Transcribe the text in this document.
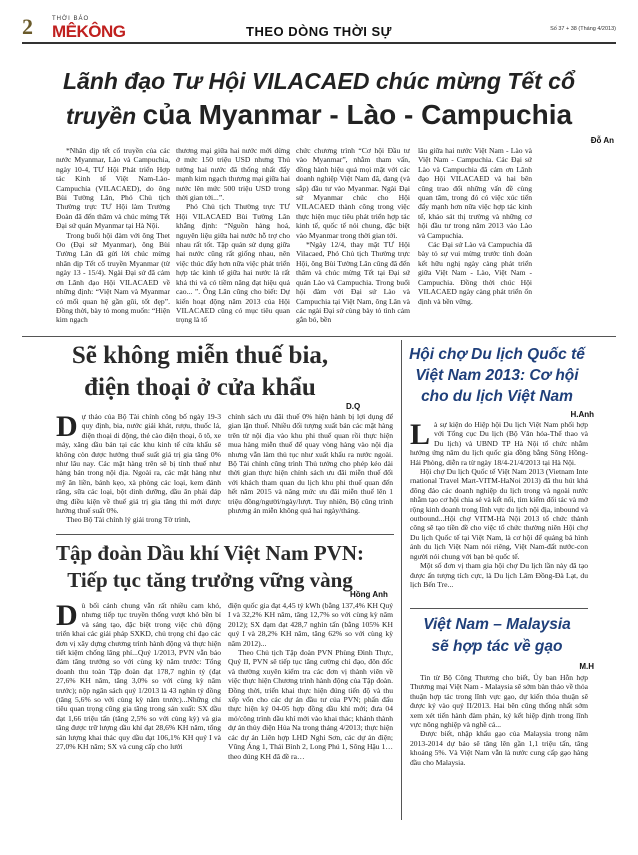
2	THỜI BÁO
MÊKÔNG	THEO DÒNG THỜI SỰ	Số 37 + 38 (Tháng 4/2013)
Lãnh đạo Tư Hội VILACAED chúc mừng Tết cổ
truyền của Myanmar - Lào - Campuchia
Đỗ An

*Nhân dịp tết cổ truyền của các nước Myanmar, Lào và Campuchia, ngày 10-4, TƯ Hội Phát triển Hợp tác Kinh tế Việt Nam-Lào-Campuchia (VILACAED), do ông Bùi Tường Lân, Phó Chủ tịch Thường trực TƯ Hội làm Trưởng Đoàn đã đến thăm và chúc mừng Tết Đại sứ quán Myanmar tại Hà Nội.

Trong buổi hội đàm với ông Thet Oo (Đại sứ Myanmar), ông Bùi Tường Lân đã gửi lời chúc mừng nhân dịp Tết cổ truyền Myanmar (từ ngày 13 - 15/4). Ngài Đại sứ đã cảm ơn Lãnh đạo Hội VILACAED về những định: “Việt Nam và Myanmar có mối quan hệ gần gũi, tốt đẹp”. Đồng thời, bày tỏ mong muốn: “Hiện kim ngạch

thương mại giữa hai nước mới dừng ở mức 150 triệu USD nhưng Thủ tướng hai nước đã thống nhất đẩy mạnh kim ngạch thương mại giữa hai nước lên mức 500 triệu USD trong thời gian tới...”.

Phó Chủ tịch Thường trực TƯ Hội VILACAED Bùi Tường Lân khẳng định: “Nguồn hàng hoá, nguyên liệu giữa hai nước hỗ trợ cho nhau rất tốt. Tập quán sử dụng giữa hai nước cũng rất giống nhau, nên việc thúc đẩy hơn nữa việc phát triển hợp tác kinh tế giữa hai nước là rất khả thi và có tiềm năng đạt hiệu quả cao... ”. Ông Lân cũng cho biết: Dự kiến hoạt động năm 2013 của Hội VILACAED cũng có mục tiêu quan trọng là tổ

chức chương trình “Cơ hội Đầu tư vào Myanmar”, nhằm tham vấn, đồng hành hiệu quả mọi mặt với các doanh nghiệp Việt Nam đã, đang (và sắp) đầu tư vào Myanmar. Ngài Đại sứ Myanmar chúc cho Hội VILACAED thành công trong việc thực hiện mục tiêu phát triển hợp tác kinh tế, quốc tế nói chung, đặc biệt vào Myanmar trong thời gian tới.

*Ngày 12/4, thay mặt TƯ Hội Vilacaed, Phó Chủ tịch Thường trực Hội, ông Bùi Tường Lân cũng đã đến thăm và chúc mừng Tết tại Đại sứ quán Lào và Campuchia. Trong buổi hội đàm với Đại sứ Lào và Campuchia tại Việt Nam, ông Lân và các ngài Đại sứ cùng bày tỏ tình cảm gắn bó, bền

lâu giữa hai nước Việt Nam - Lào và Việt Nam - Campuchia. Các Đại sứ Lào và Campuchia đã cảm ơn Lãnh đạo Hội VILACAED và hai bên cũng trao đổi những vấn đề cùng quan tâm, trong đó có việc xúc tiến đẩy mạnh hơn nữa việc hợp tác kinh tế, khảo sát thị trường và những cơ hội đầu tư trong năm 2013 vào Lào và Campuchia.

Các Đại sứ Lào và Campuchia đã bày tỏ sự vui mừng trước tình đoàn kết hữu nghị ngày càng phát triển giữa Việt Nam - Lào, Việt Nam - Campuchia. Đồng thời chúc Hội VILACAED ngày càng phát triển ổn định và bền vững.

Sẽ không miễn thuế bia,
điện thoại ở cửa khẩu
D.Q
D ự thảo của Bộ Tài chính công bố ngày 19-3 quy định, bia, nước giải khát, rượu, thuốc lá, điện thoại di động, thẻ cào điện thoại, ô tô, xe máy, xăng dầu bán tại các khu kinh tế cửa khẩu sẽ không còn được hưởng thuế suất giá trị gia tăng 0% như lâu nay. Các mặt hàng trên sẽ bị tính thuế như hàng bán trong nội địa. Ngoài ra, các mặt hàng như mỹ ăn liền, bánh kẹo, xà phòng các loại, kem đánh răng, sữa các loại, bột dinh dưỡng, dầu ăn phải đáp ứng điều kiện về thuế giá trị gia tăng thì mới được hưởng thuế suất 0%.

Theo Bộ Tài chính lý giải trong Tờ trình,

chính sách ưu đãi thuế 0% hiện hành bị lợi dụng để gian lận thuế. Nhiều đối tượng xuất bán các mặt hàng trên từ nội địa vào khu phi thuế quan rồi thực hiện mua hàng miễn thuế để quay vòng hàng vào nội địa nhưng vẫn làm thủ tục như xuất khẩu ra nước ngoài. Bộ Tài chính cũng trình Thủ tướng cho phép kéo dài thời gian thực hiện chính sách ưu đãi miễn thuế đối với khách tham quan du lịch khu phi thuế quan đến hết năm 2015 và nâng mức ưu đãi miễn thuế lên 1 triệu đồng/người/ngày/lượt. Tuy nhiên, Bộ cũng trình phương án miễn không quá hai ngày/tháng.

Tập đoàn Dầu khí Việt Nam PVN:
Tiếp tục tăng trưởng vững vàng
Hồng Anh
D ù bối cảnh chung vẫn rất nhiều cam khó, nhưng tiếp tục truyền thống vượt khó bền bỉ và sáng tạo, đặc biệt trong việc chủ động triển khai các giải pháp SXKD, chủ trọng chỉ đạo các đơn vị xây dựng chương trình hành động và thực hiện tiết kiệm chống lãng phí...Quý 1/2013, PVN vẫn bảo đảm tăng trưởng so với cùng kỳ năm trước: Tổng doanh thu toàn Tập đoàn đạt 178,7 nghìn tỷ (đạt 27,6% KH năm, tăng 3,0% so với cùng kỳ năm trước); nộp ngân sách quý 1/2013 là 43 nghìn tỷ đồng (tăng 5,6% so với cùng kỳ năm trước)...Những chỉ tiêu quan trọng cũng gia tăng trong sản xuất: SX dầu đạt 1,66 triệu tấn (tăng 2,5% so với cùng kỳ) và gia tăng được trữ lượng dầu khí đạt 28,6% KH năm, tổng sản lượng khai thác quy dầu đạt 106,1% KH quý I và 27,0% KH năm; SX và cung cấp cho lưới

điện quốc gia đạt 4,45 tỷ kWh (bằng 137,4% KH Quý I và 32,2% KH năm, tăng 12,7% so với cùng kỳ năm 2012); SX đạm đạt 428,7 nghìn tấn (bằng 105% KH quý I và 28,2% KH năm, tăng 62% so với cùng kỳ năm 2012)...

Theo Chủ tịch Tập đoàn PVN Phùng Đình Thực, Quý II, PVN sẽ tiếp tục tăng cường chỉ đạo, đôn đốc và thường xuyên kiểm tra các đơn vị thành viên về việc thực hiện Chương trình hành động của Tập đoàn. Đồng thời, triển khai thực hiện đúng tiến độ và thu xếp vốn cho các dự án đầu tư của PVN; phấn đấu thực hiện ký 04-05 hợp đồng dầu khí mới; đưa 04 mỏ/công trình dầu khí mới vào khai thác; khánh thành dự án thủy điện Hủa Na trong tháng 4/2013; thực hiện các dự án Liên hợp LHD Nghi Sơn, các dự án điện; Vũng Áng 1, Thái Bình 2, Long Phú 1, Sông Hậu 1…theo đúng KH đã đề ra…

Hội chợ Du lịch Quốc tế
Việt Nam 2013: Cơ hội
cho du lịch Việt Nam
H.Anh
L à sự kiện do Hiệp hội Du lịch Việt Nam phối hợp với Tổng cục Du lịch (Bộ Văn hóa-Thể thao và Du lịch) và UBND TP Hà Nội tổ chức nhằm hướng ứng năm du lịch quốc gia đồng bằng Sông Hồng-Hải Phòng, diễn ra từ ngày 18/4-21/4/2013 tại Hà Nội.

Hội chợ Du lịch Quốc tế Việt Nam 2013 (Vietnam Inte rnational Travel Mart-VITM-HaNoi 2013) đã thu hút khá đông đảo các doanh nghiệp du lịch trong và ngoài nước nhằm tạo cơ hội chia sẻ và kết nối, tìm kiếm đối tác và mở rộng kinh doanh trong lĩnh vực du lịch nội địa, inbound và outbound...Hội chợ VITM-Hà Nội 2013 tổ chức thành công sẽ tạo tiền đề cho việc tổ chức thường niên Hội chợ Du lịch Quốc tế tại Việt Nam, là cơ hội để quảng bá hình ảnh du lịch Việt Nam nói riêng, Việt Nam-đất nước-con người nói chung với bạn bè quốc tế.

Một số đơn vị tham gia hội chợ Du lịch lần này đã tạo được ấn tượng tích cực, là Du lịch Lâm Đồng-Đà Lạt, du lịch Bến Tre...

Việt Nam – Malaysia
sẽ hợp tác về gạo
M.H

Tin từ Bộ Công Thương cho biết, Ủy ban Hỗn hợp Thương mại Việt Nam - Malaysia sẽ sớm bàn thảo về thỏa thuận hợp tác trong lĩnh vực gạo, dự kiến thỏa thuận sẽ được ký vào quý II/2013. Hai bên cũng thống nhất sớm xem xét tiến hành đàm phán, ký kết hiệp định trong lĩnh vực nông nghiệp và nghề cá...

Được biết, nhập khẩu gạo của Malaysia trong năm 2013-2014 dự báo sẽ tăng lên gần 1,1 triệu tấn, tăng khoảng 5%. Và Việt Nam vẫn là nước cung cấp gạo hàng đầu cho Malaysia.
